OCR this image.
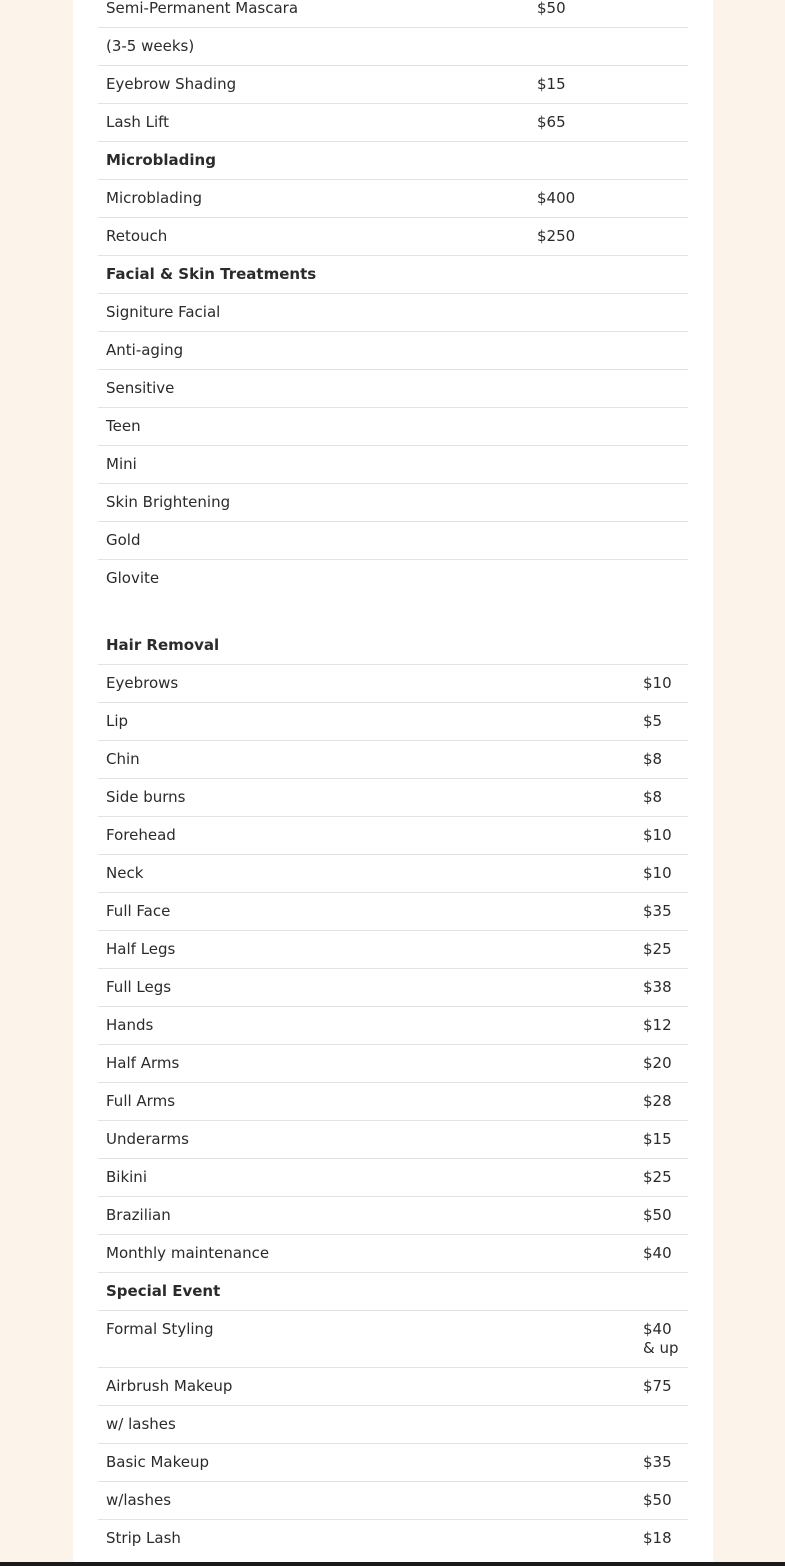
Semi-Permanent Mascara	$50
(3-5 weeks)	
Eyebrow Shading	$15
Lash Lift	$65
Microblading	
Microblading	$400
Retouch	$250
Facial & Skin Treatments	
Signiture Facial	
Anti-aging	
Sensitive	
Teen	
Mini	
Skin Brightening	
Gold	
Glovite	
Hair Removal	
Eyebrows	$10
Lip	$5
Chin	$8
Side burns	$8
Forehead	$10
Neck	$10
Full Face	$35
Half Legs	$25
Full Legs	$38
Hands	$12
Half Arms	$20
Full Arms	$28
Underarms	$15
Bikini	$25
Brazilian	$50
Monthly maintenance	$40
Special Event	
Formal Styling	$40 & up
Airbrush Makeup	$75
w/ lashes	
Basic Makeup	$35
w/lashes	$50
Strip Lash	$18
